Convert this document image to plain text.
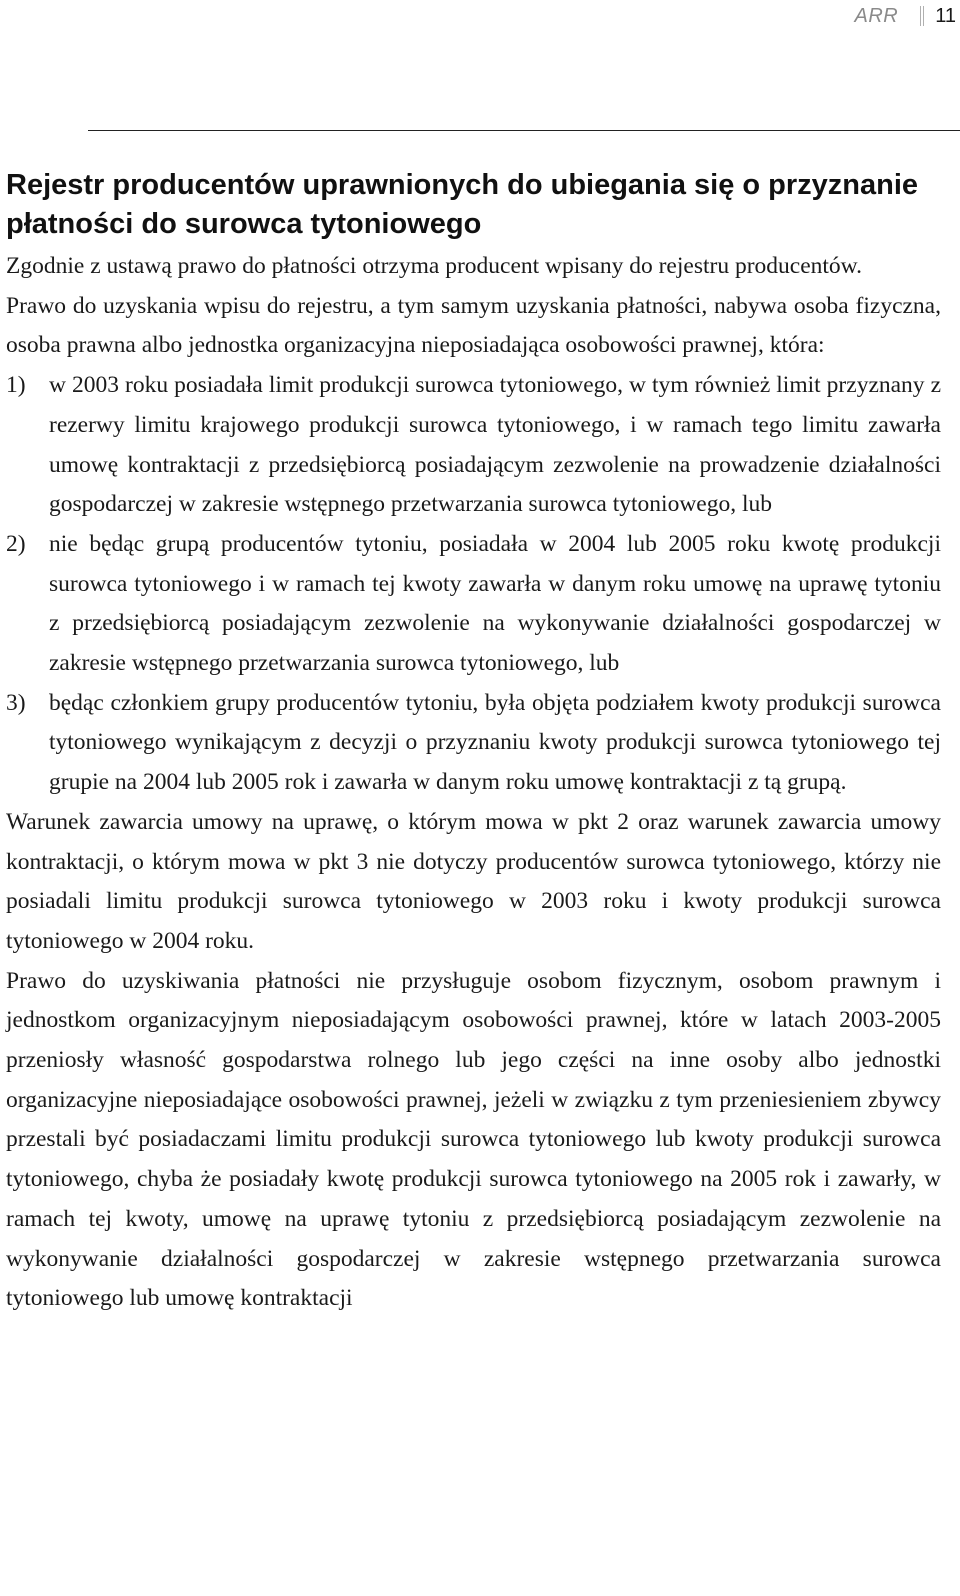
ARR 11
Rejestr producentów uprawnionych do ubiegania się o przyznanie płatności do surowca tytoniowego

Zgodnie z ustawą prawo do płatności otrzyma producent wpisany do rejestru producentów.

Prawo do uzyskania wpisu do rejestru, a tym samym uzyskania płatności, nabywa osoba fizyczna, osoba prawna albo jednostka organizacyjna nieposiadająca osobowości prawnej, która:

1) w 2003 roku posiadała limit produkcji surowca tytoniowego, w tym również limit przyznany z rezerwy limitu krajowego produkcji surowca tytoniowego, i w ramach tego limitu zawarła umowę kontraktacji z przedsiębiorcą posiadającym zezwolenie na prowadzenie działalności gospodarczej w zakresie wstępnego przetwarzania surowca tytoniowego, lub
2) nie będąc grupą producentów tytoniu, posiadała w 2004 lub 2005 roku kwotę produkcji surowca tytoniowego i w ramach tej kwoty zawarła w danym roku umowę na uprawę tytoniu z przedsiębiorcą posiadającym zezwolenie na wykonywanie działalności gospodarczej w zakresie wstępnego przetwarzania surowca tytoniowego, lub
3) będąc członkiem grupy producentów tytoniu, była objęta podziałem kwoty produkcji surowca tytoniowego wynikającym z decyzji o przyznaniu kwoty produkcji surowca tytoniowego tej grupie na 2004 lub 2005 rok i zawarła w danym roku umowę kontraktacji z tą grupą.

Warunek zawarcia umowy na uprawę, o którym mowa w pkt 2 oraz warunek zawarcia umowy kontraktacji, o którym mowa w pkt 3 nie dotyczy producentów surowca tytoniowego, którzy nie posiadali limitu produkcji surowca tytoniowego w 2003 roku i kwoty produkcji surowca tytoniowego w 2004 roku.

Prawo do uzyskiwania płatności nie przysługuje osobom fizycznym, osobom prawnym i jednostkom organizacyjnym nieposiadającym osobowości prawnej, które w latach 2003-2005 przeniosły własność gospodarstwa rolnego lub jego części na inne osoby albo jednostki organizacyjne nieposiadające osobowości prawnej, jeżeli w związku z tym przeniesieniem zbywcy przestali być posiadaczami limitu produkcji surowca tytoniowego lub kwoty produkcji surowca tytoniowego, chyba że posiadały kwotę produkcji surowca tytoniowego na 2005 rok i zawarły, w ramach tej kwoty, umowę na uprawę tytoniu z przedsiębiorcą posiadającym zezwolenie na wykonywanie działalności gospodarczej w zakresie wstępnego przetwarzania surowca tytoniowego lub umowę kontraktacji
